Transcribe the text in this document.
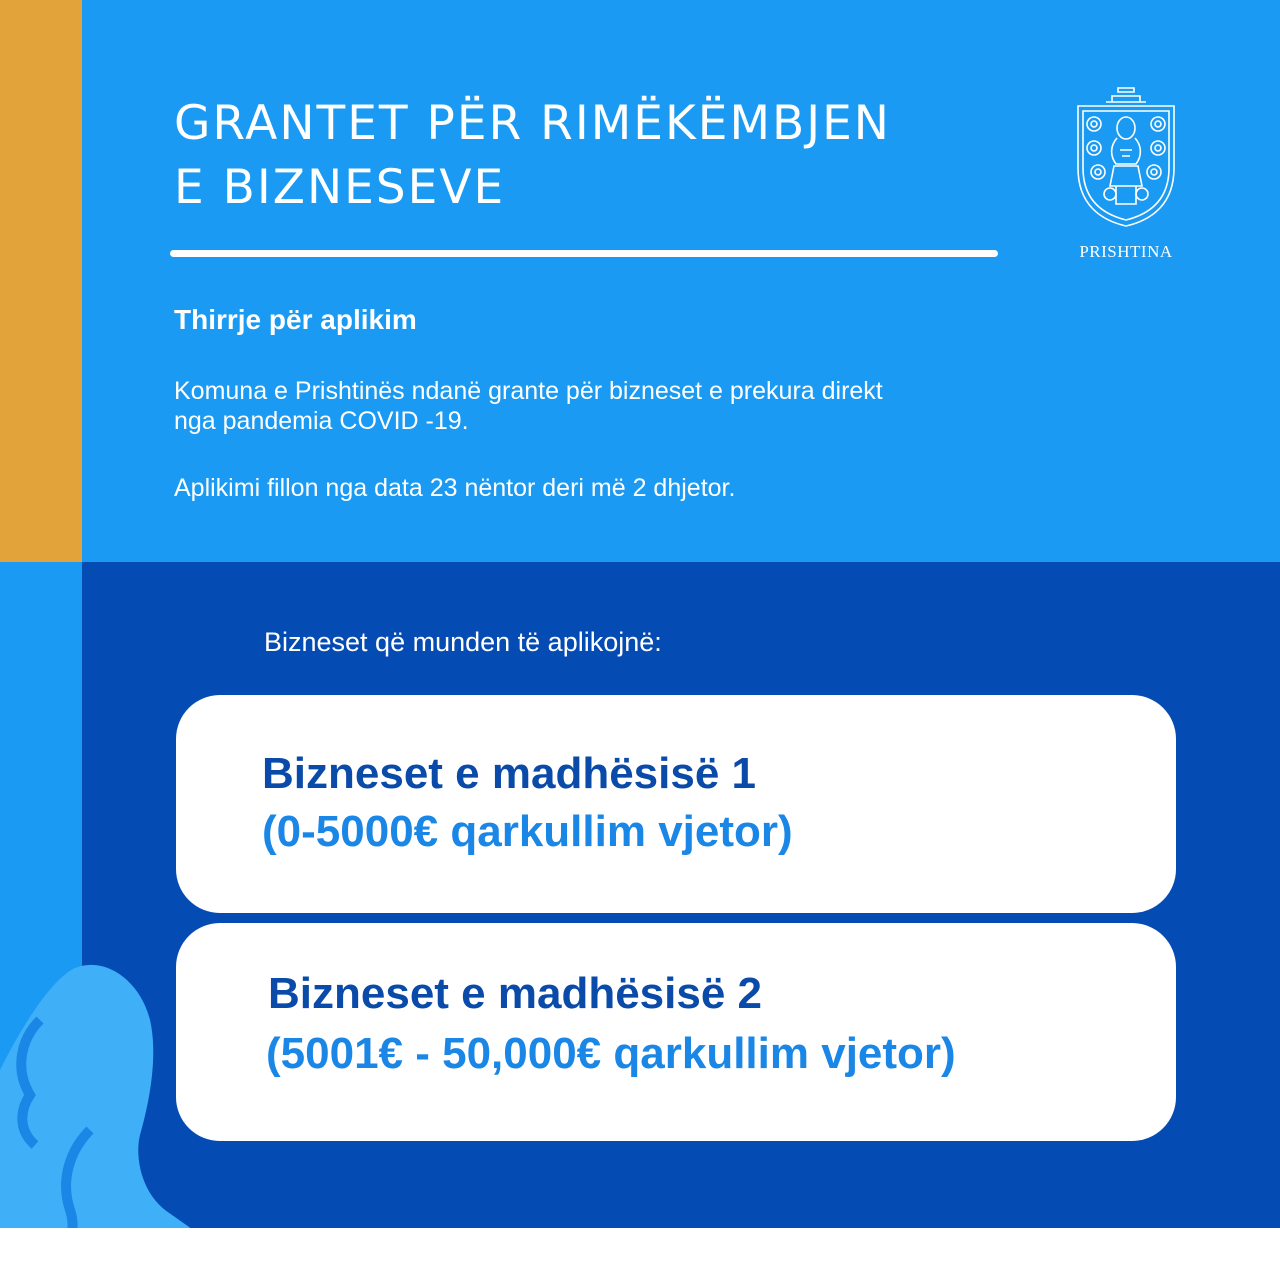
GRANTET PËR RIMËKËMBJEN
E BIZNESEVE
PRISHTINA
Thirrje për aplikim

Komuna e Prishtinës ndanë grante për bizneset e prekura direkt
nga pandemia COVID -19.

Aplikimi fillon nga data 23 nëntor deri më 2 dhjetor.
Bizneset që munden të aplikojnë:
Bizneset e madhësisë 1
(0-5000€ qarkullim vjetor)
Bizneset e madhësisë 2
(5001€ - 50,000€ qarkullim vjetor)
